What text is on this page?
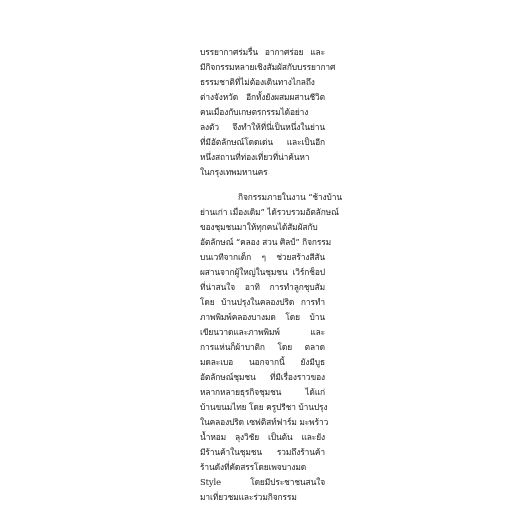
บรรยากาศร่มรื่น อากาศร่อย และ
มีกิจกรรมหลายเชิงสัมผัสกับบรรยากาศ
ธรรมชาติที่ไม่ต้องเดินทางไกลถึง
ต่างจังหวัด อีกทั้งยังผสมผสานชีวิต
คนเมืองกับเกษตรกรรมได้อย่าง
ลงตัว จึงทำให้ที่นี่เป็นหนึ่งในย่าน
ที่มีอัตลักษณ์โดดเด่น และเป็นอีก
หนึ่งสถานที่ท่องเที่ยวที่น่าค้นหา
ในกรุงเทพมหานคร

กิจกรรมภายในงาน “ช้างบ้าน
ย่านเก่า เมืองเดิม” ได้รวบรวมอัตลักษณ์
ของชุมชนมาให้ทุกคนได้สัมผัสกับ
อัตลักษณ์ “คลอง สวน ศิลป์” กิจกรรม
บนเวทีจากเด็ก ๆ ช่วยสร้างสีสัน
ผสานจากผู้ใหญ่ในชุมชน เวิร์กช็อป
ที่น่าสนใจ อาทิ การทำลูกชุบสัม
โดย บ้านปรุงในคลองปริด การทำ
ภาพพิมพ์คลองบางมด โดย บ้าน
เขียนวาดและภาพพิมพ์ และ
การแห่นก็ผ้าบาติก โดย ตลาด
มดละเบอ นอกจากนี้ ยังมีบูธ
อัตลักษณ์ชุมชน ที่มีเรื่องราวของ
หลากหลายธุรกิจชุมชน ได้แก่
บ้านขนมไทย โดย ครูปรีชา บ้านปรุง
ในคลองปริด เซฟติสท์ฟาร์ม มะพร้าว
น้ำหอม ลุงวิชัย เป็นต้น และยัง
มีร้านค้าในชุมชน รวมถึงร้านค้า
ร้านดังที่คัดสรรโดยเพจบางมด
Style โดยมีประชาชนสนใจ
มาเที่ยวชมและร่วมกิจกรรม
